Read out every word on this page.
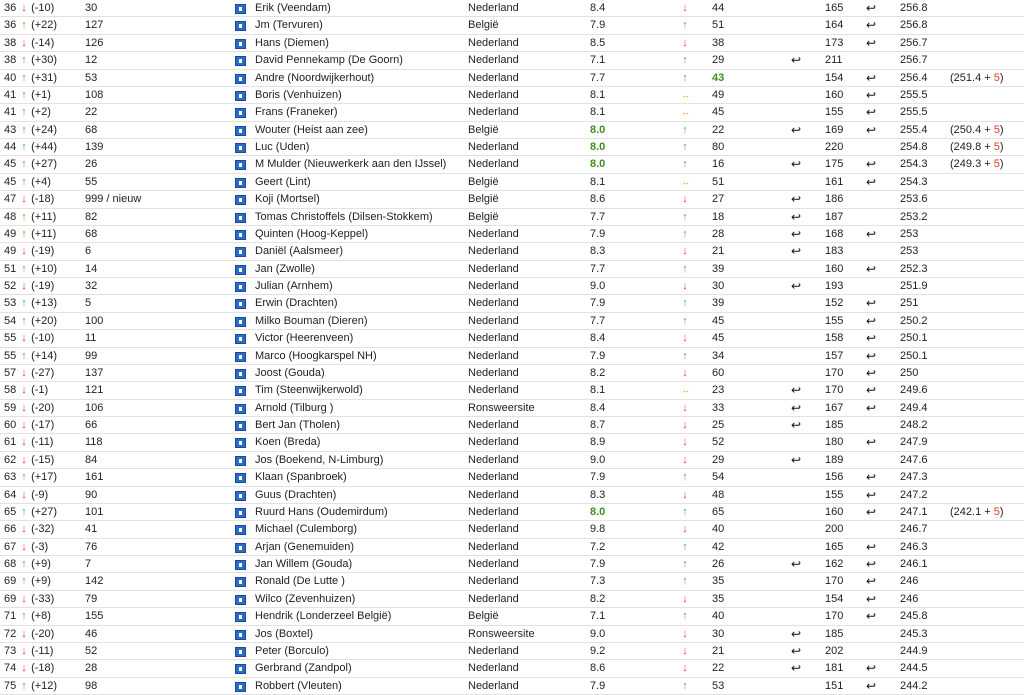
36 ↓ (-10)	30	Erik (Veendam)	Nederland	8.4	↓ 44	165 ↩ 256.8
36 ↑ (+22)	127	Jm (Tervuren)	België	7.9	↑ 51	164 ↩ 256.8
38 ↓ (-14)	126	Hans (Diemen)	Nederland	8.5	↓ 38	173 ↩ 256.7
38 ↑ (+30)	12	David Pennekamp (De Goorn)	Nederland	7.1	↑ 29	↩ 211	256.7
40 ↑ (+31)	53	Andre (Noordwijkerhout)	Nederland	7.7	↑ 43	154 ↩ 256.4 (251.4 + 5)
41 ↑ (+1)	108	Boris (Venhuizen)	Nederland	8.1	↔ 49	160 ↩ 255.5
41 ↑ (+2)	22	Frans (Franeker)	Nederland	8.1	↔ 45	155 ↩ 255.5
43 ↑ (+24)	68	Wouter (Heist aan zee)	België	8.0	↑ 22	↩ 169 ↩ 255.4 (250.4 + 5)
44 ↑ (+44)	139	Luc (Uden)	Nederland	8.0	↑ 80	220	254.8 (249.8 + 5)
45 ↑ (+27)	26	M Mulder (Nieuwerkerk aan den IJssel) Nederland	8.0	↑ 16	↩ 175 ↩ 254.3 (249.3 + 5)
45 ↑ (+4)	55	Geert (Lint)	België	8.1	↔ 51	161 ↩ 254.3
47 ↓ (-18)	999 / nieuw	Koji (Mortsel)	België	8.6	↓ 27	↩ 186	253.6
48 ↑ (+11)	82	Tomas Christoffels (Dilsen-Stokkem)	België	7.7	↑ 18	↩ 187	253.2
49 ↑ (+11)	68	Quinten (Hoog-Keppel)	Nederland	7.9	↑ 28	↩ 168 ↩ 253
49 ↓ (-19)	6	Daniël (Aalsmeer)	Nederland	8.3	↓ 21	↩ 183	253
51 ↑ (+10)	14	Jan (Zwolle)	Nederland	7.7	↑ 39	160 ↩ 252.3
52 ↓ (-19)	32	Julian (Arnhem)	Nederland	9.0	↓ 30	↩ 193	251.9
53 ↑ (+13)	5	Erwin (Drachten)	Nederland	7.9	↑ 39	152 ↩ 251
54 ↑ (+20)	100	Milko Bouman (Dieren)	Nederland	7.7	↑ 45	155 ↩ 250.2
55 ↓ (-10)	11	Victor (Heerenveen)	Nederland	8.4	↓ 45	158 ↩ 250.1
55 ↑ (+14)	99	Marco (Hoogkarspel NH)	Nederland	7.9	↑ 34	157 ↩ 250.1
57 ↓ (-27)	137	Joost (Gouda)	Nederland	8.2	↓ 60	170 ↩ 250
58 ↓ (-1)	121	Tim (Steenwijkerwold)	Nederland	8.1	↔ 23	↩ 170 ↩ 249.6
59 ↓ (-20)	106	Arnold (Tilburg )	Ronsweersite	8.4	↓ 33	↩ 167 ↩ 249.4
60 ↓ (-17)	66	Bert Jan (Tholen)	Nederland	8.7	↓ 25	↩ 185	248.2
61 ↓ (-11)	118	Koen (Breda)	Nederland	8.9	↓ 52	180 ↩ 247.9
62 ↓ (-15)	84	Jos (Boekend, N-Limburg)	Nederland	9.0	↓ 29	↩ 189	247.6
63 ↑ (+17)	161	Klaan (Spanbroek)	Nederland	7.9	↑ 54	156 ↩ 247.3
64 ↓ (-9)	90	Guus (Drachten)	Nederland	8.3	↓ 48	155 ↩ 247.2
65 ↑ (+27)	101	Ruurd Hans (Oudemirdum)	Nederland	8.0	↑ 65	160 ↩ 247.1 (242.1 + 5)
66 ↓ (-32)	41	Michael (Culemborg)	Nederland	9.8	↓ 40	200	246.7
67 ↓ (-3)	76	Arjan (Genemuiden)	Nederland	7.2	↑ 42	165 ↩ 246.3
68 ↑ (+9)	7	Jan Willem (Gouda)	Nederland	7.9	↑ 26	↩ 162 ↩ 246.1
69 ↑ (+9)	142	Ronald (De Lutte )	Nederland	7.3	↑ 35	170 ↩ 246
69 ↓ (-33)	79	Wilco (Zevenhuizen)	Nederland	8.2	↓ 35	154 ↩ 246
71 ↑ (+8)	155	Hendrik (Londerzeel België)	België	7.1	↑ 40	170 ↩ 245.8
72 ↓ (-20)	46	Jos (Boxtel)	Ronsweersite	9.0	↓ 30	↩ 185	245.3
73 ↓ (-11)	52	Peter (Borculo)	Nederland	9.2	↓ 21	↩ 202	244.9
74 ↓ (-18)	28	Gerbrand (Zandpol)	Nederland	8.6	↓ 22	↩ 181 ↩ 244.5
75 ↑ (+12)	98	Robbert (Vleuten)	Nederland	7.9	↑ 53	151 ↩ 244.2
